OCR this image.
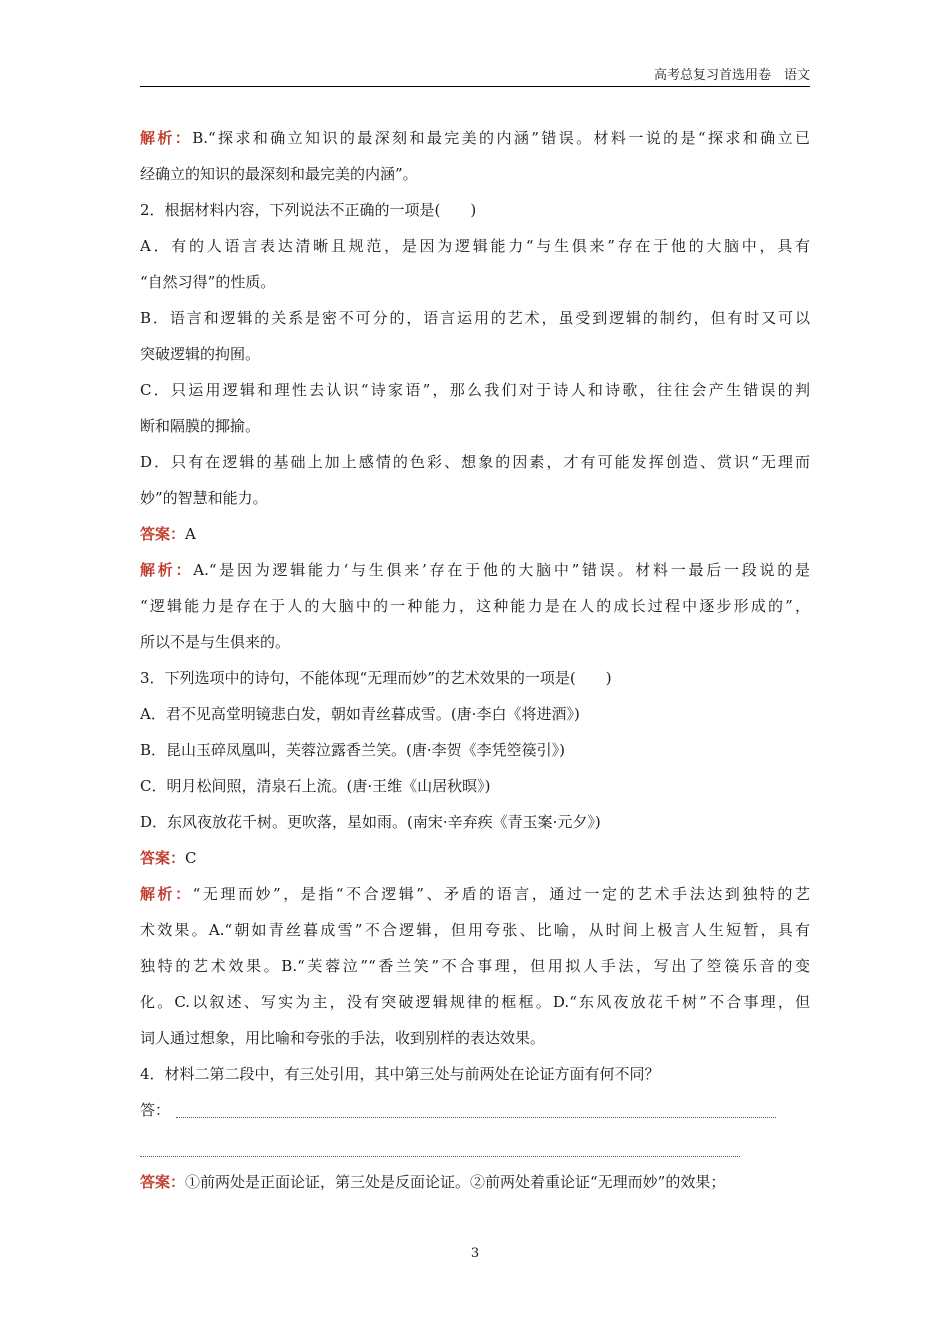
高考总复习首选用卷　语文
解析：B.“探求和确立知识的最深刻和最完美的内涵”错误。材料一说的是“探求和确立已
经确立的知识的最深刻和最完美的内涵”。
2．根据材料内容，下列说法不正确的一项是(　　)
A．有的人语言表达清晰且规范，是因为逻辑能力“与生俱来”存在于他的大脑中，具有
“自然习得”的性质。
B．语言和逻辑的关系是密不可分的，语言运用的艺术，虽受到逻辑的制约，但有时又可以
突破逻辑的拘囿。
C．只运用逻辑和理性去认识“诗家语”，那么我们对于诗人和诗歌，往往会产生错误的判
断和隔膜的揶揄。
D．只有在逻辑的基础上加上感情的色彩、想象的因素，才有可能发挥创造、赏识“无理而
妙”的智慧和能力。
答案：A
解析：A.“是因为逻辑能力‘与生俱来’存在于他的大脑中”错误。材料一最后一段说的是
“逻辑能力是存在于人的大脑中的一种能力，这种能力是在人的成长过程中逐步形成的”，
所以不是与生俱来的。
3．下列选项中的诗句，不能体现“无理而妙”的艺术效果的一项是(　　)
A．君不见高堂明镜悲白发，朝如青丝暮成雪。(唐·李白《将进酒》)
B．昆山玉碎凤凰叫，芙蓉泣露香兰笑。(唐·李贺《李凭箜篌引》)
C．明月松间照，清泉石上流。(唐·王维《山居秋暝》)
D．东风夜放花千树。更吹落，星如雨。(南宋·辛弃疾《青玉案·元夕》)
答案：C
解析：“无理而妙”，是指“不合逻辑”、矛盾的语言，通过一定的艺术手法达到独特的艺
术效果。A.“朝如青丝暮成雪”不合逻辑，但用夸张、比喻，从时间上极言人生短暂，具有
独特的艺术效果。B.“芙蓉泣”“香兰笑”不合事理，但用拟人手法，写出了箜篌乐音的变
化。C.以叙述、写实为主，没有突破逻辑规律的框框。D.“东风夜放花千树”不合事理，但
词人通过想象，用比喻和夸张的手法，收到别样的表达效果。
4．材料二第二段中，有三处引用，其中第三处与前两处在论证方面有何不同？
答：
答案：①前两处是正面论证，第三处是反面论证。②前两处着重论证“无理而妙”的效果；
3
